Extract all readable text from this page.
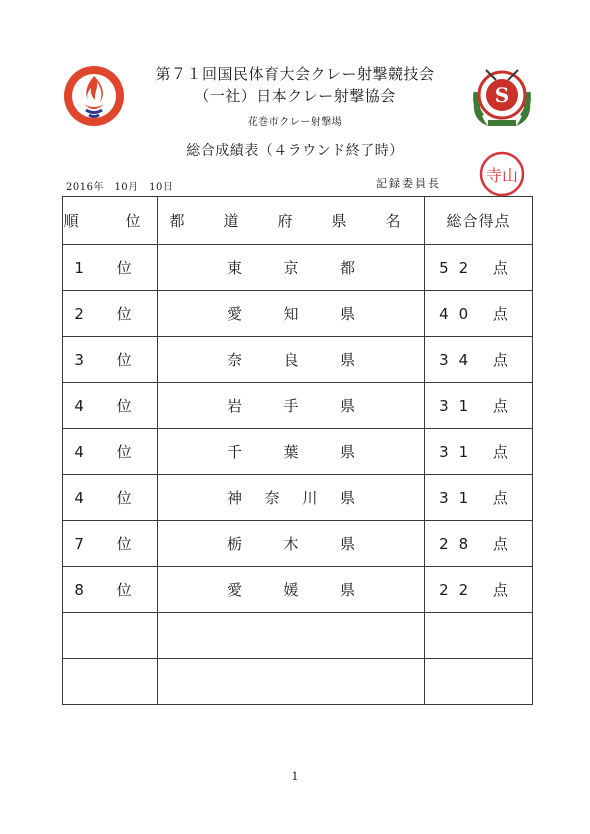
S
第７１回国民体育大会クレー射撃競技会
（一社）日本クレー射撃協会
花巻市クレー射撃場
総合成績表（４ラウンド終了時）
2016年　10月　10日	記録委員長	寺山
順　位	都　道　府　県　名	総合得点
1 位	東京都	52 点
2 位	愛知県	40 点
3 位	奈良県	34 点
4 位	岩手県	31 点
4 位	千葉県	31 点
4 位	神奈川県	31 点
7 位	栃木県	28 点
8 位	愛媛県	22 点

1
